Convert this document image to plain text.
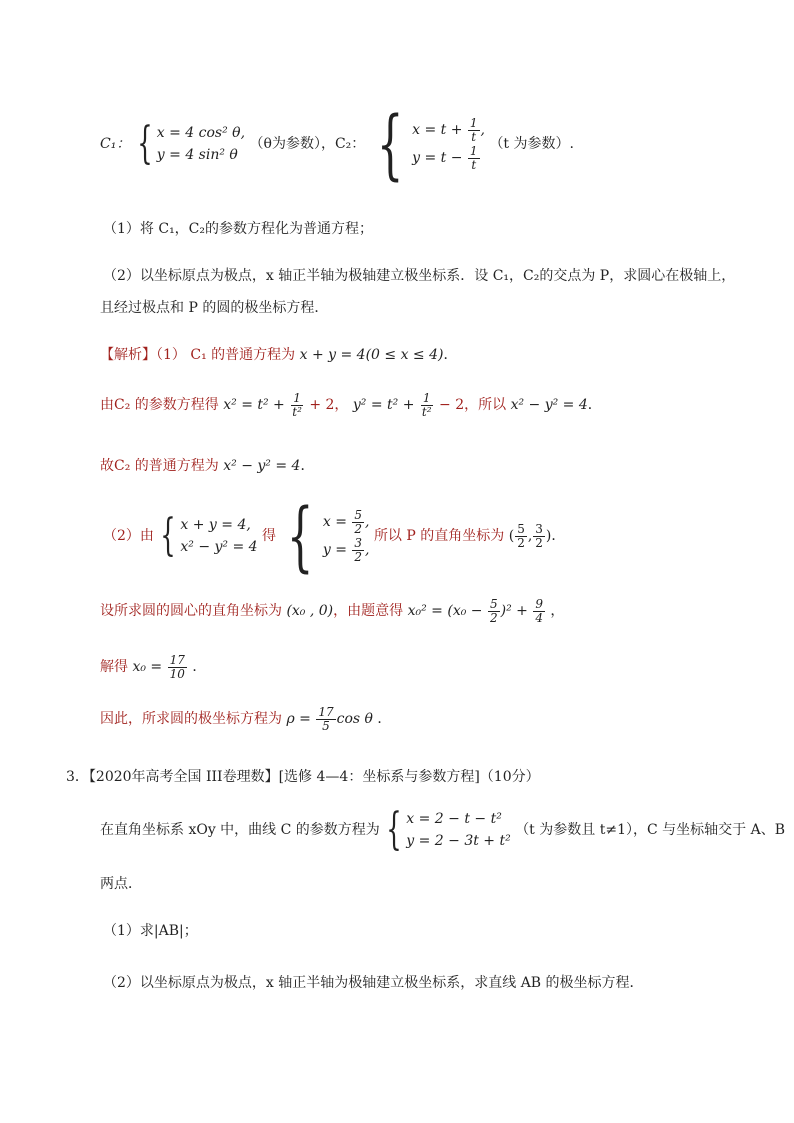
C₁： { x = 4 cos² θ,
y = 4 sin² θ
（θ为参数），C₂： { $x = t + \frac{1}{t}$ ,
$y = t - \frac{1}{t}$
（t 为参数）.
（1）将 C₁，C₂的参数方程化为普通方程；
（2）以坐标原点为极点，x 轴正半轴为极轴建立极坐标系．设 C₁，C₂的交点为 P，求圆心在极轴上，
且经过极点和 P 的圆的极坐标方程．
【解析】（1） C₁ 的普通方程为 x + y = 4(0 ≤ x ≤ 4)．
由C₂ 的参数方程得 $x^2 = t^2 + \frac{1}{\text{t²}} + 2$， $y^2 = t^2 + \frac{1}{\text{t²}} - 2$，所以 x² − y² = 4．
故C₂ 的普通方程为 x² − y² = 4．
（2）由 { x + y = 4,
x² − y² = 4
得 { $x = \frac{5}{2}$ ,
$y = \frac{3}{2}$ ,
所以 P 的直角坐标为 ( $\frac{5}{2}$ , $\frac{3}{2}$ )．
设所求圆的圆心的直角坐标为 (x₀ , 0)，由题意得 $x_0^2 = (x_0 - \frac{5}{2} )^2 + \frac{9}{4}$ ，
解得 $x_0 = \frac{17}{10}$ ．
因此，所求圆的极坐标方程为 $\rho = \frac{17}{5}$ cos θ ．
3．【2020年高考全国 III卷理数】[选修 4—4：坐标系与参数方程]（10分）
在直角坐标系 xOy 中，曲线 C 的参数方程为 { x = 2 − t − t²
y = 2 − 3t + t²
（t 为参数且 t≠1），C 与坐标轴交于 A、B
两点．
（1）求|AB|；
（2）以坐标原点为极点，x 轴正半轴为极轴建立极坐标系，求直线 AB 的极坐标方程．
